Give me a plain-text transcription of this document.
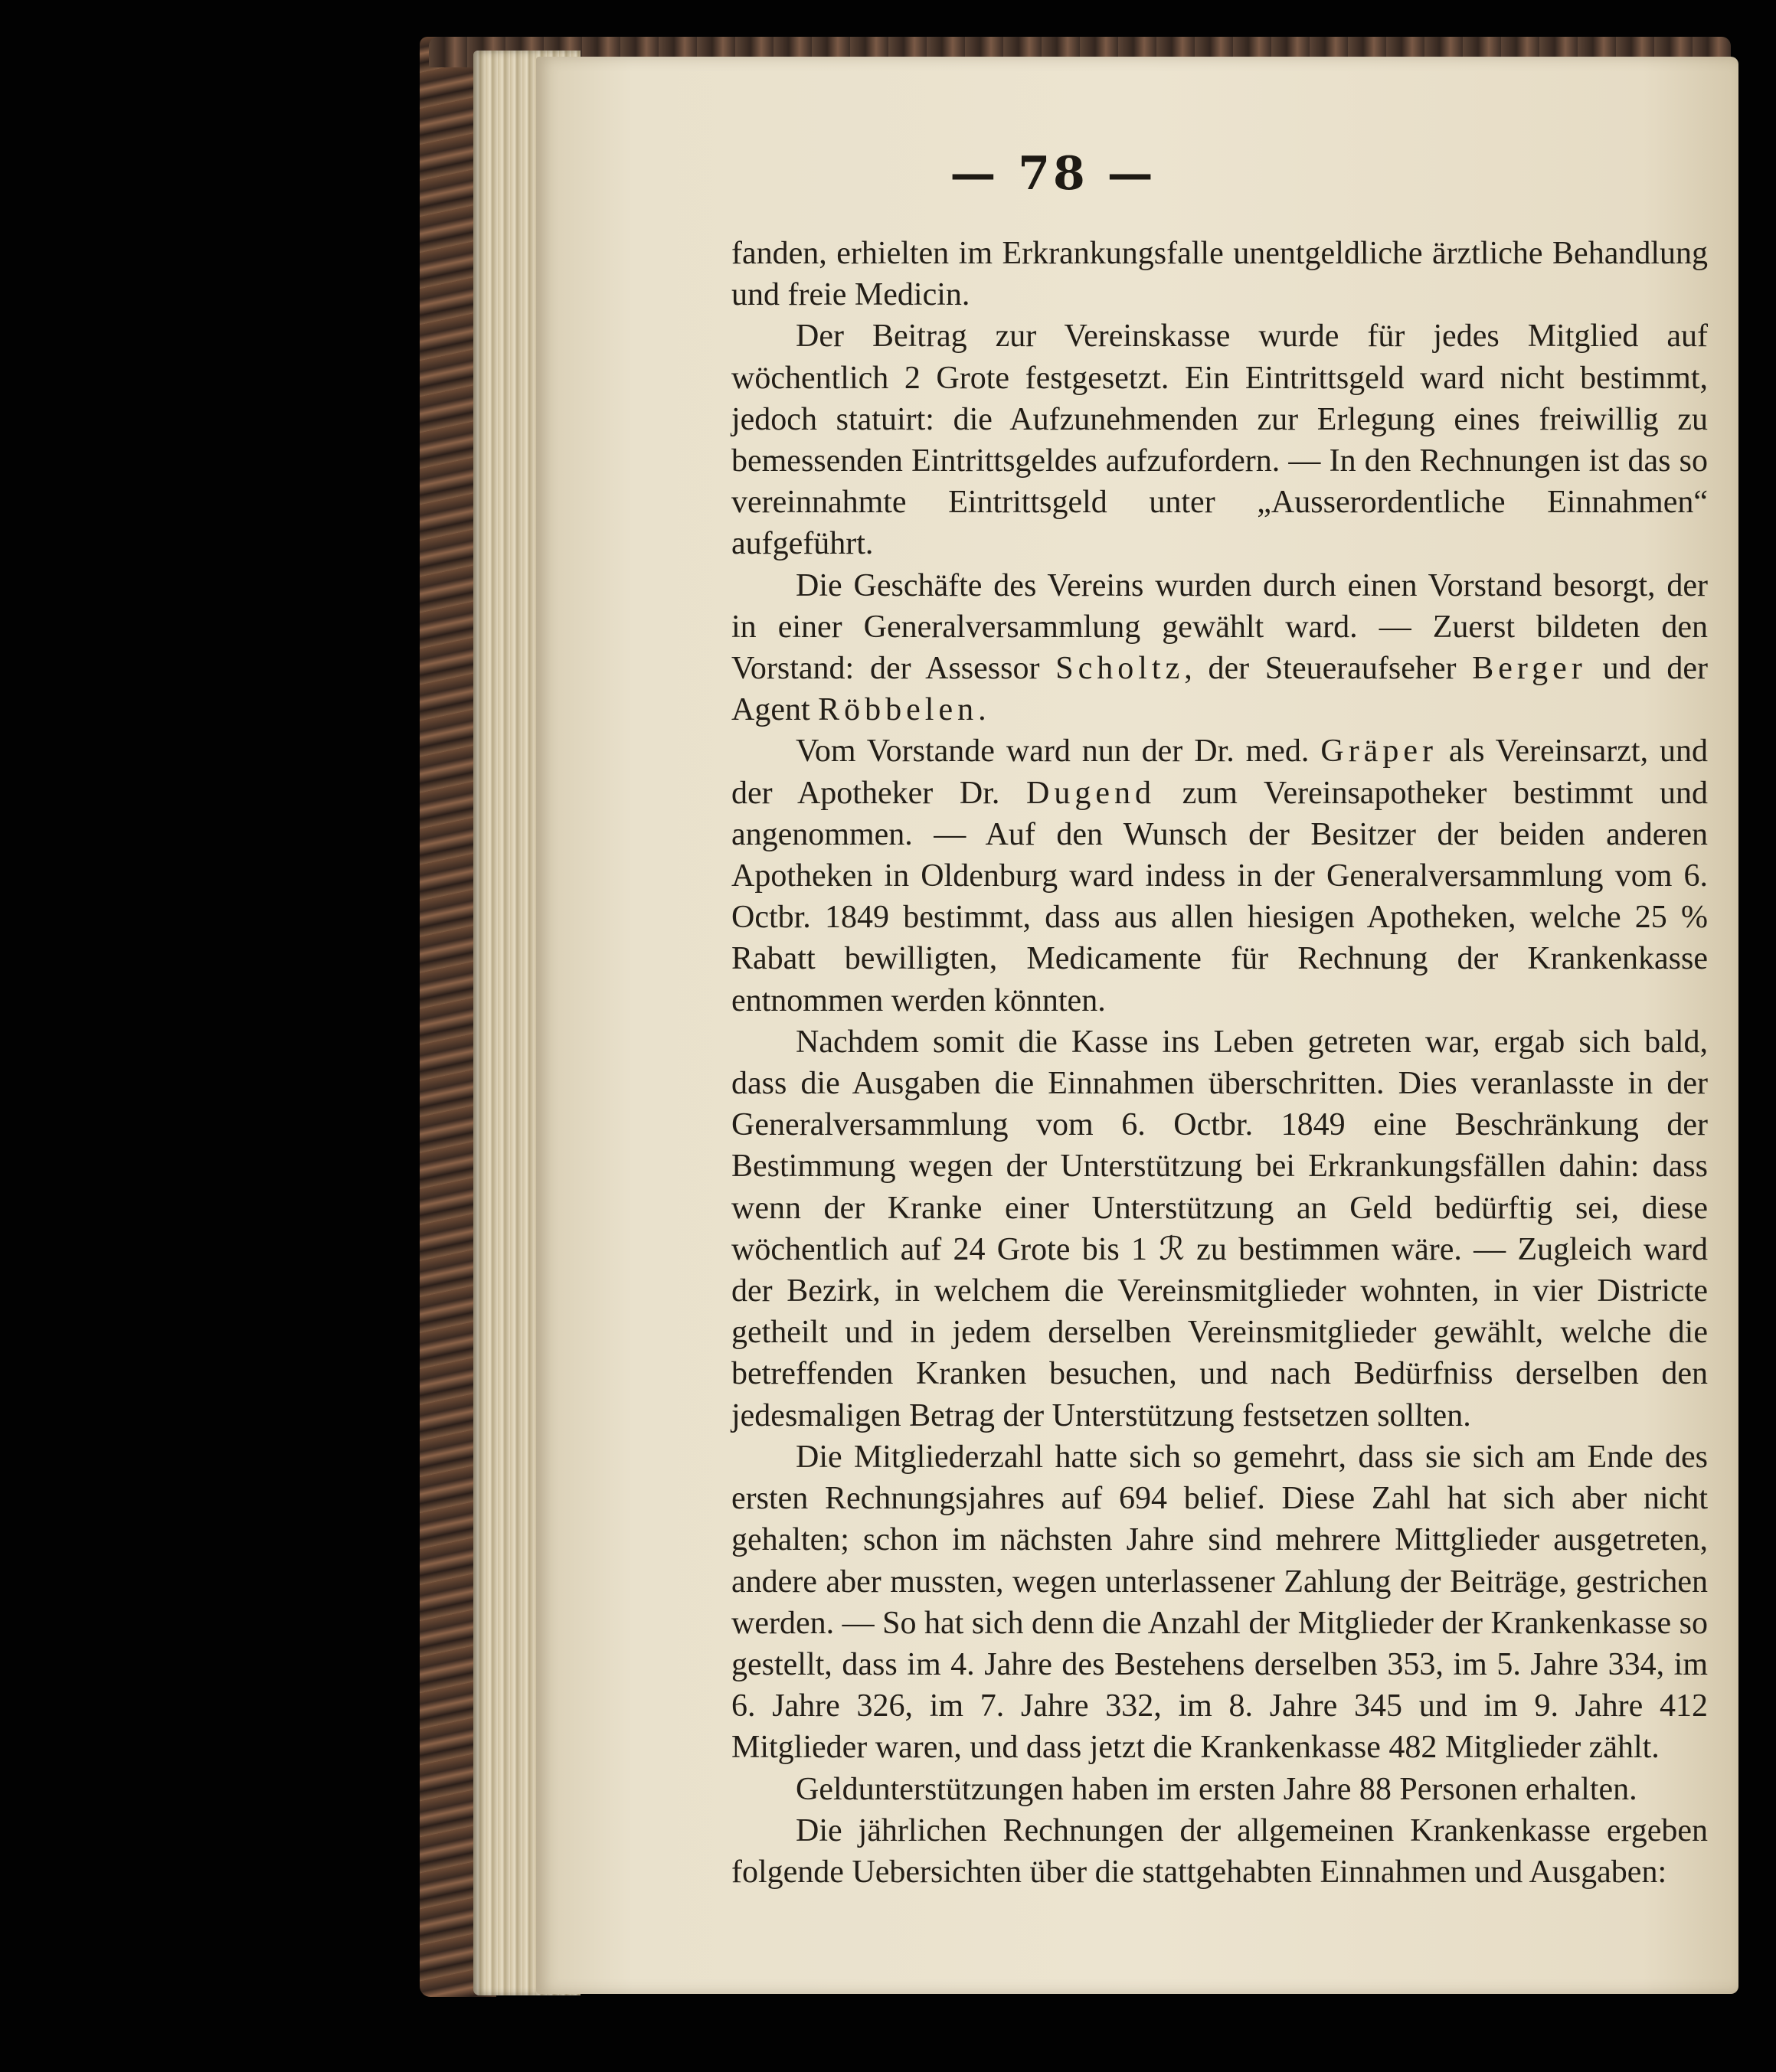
— 78 —

fanden, erhielten im Erkrankungsfalle unentgeldliche ärztliche Behandlung und freie Medicin.

Der Beitrag zur Vereinskasse wurde für jedes Mitglied auf wöchentlich 2 Grote festgesetzt. Ein Eintrittsgeld ward nicht bestimmt, jedoch statuirt: die Aufzunehmenden zur Erlegung eines freiwillig zu bemessenden Eintrittsgeldes aufzufordern. — In den Rechnungen ist das so vereinnahmte Eintrittsgeld unter „Ausserordentliche Einnahmen“ aufgeführt.

Die Geschäfte des Vereins wurden durch einen Vorstand besorgt, der in einer Generalversammlung gewählt ward. — Zuerst bildeten den Vorstand: der Assessor Scholtz, der Steueraufseher Berger und der Agent Röbbelen.

Vom Vorstande ward nun der Dr. med. Gräper als Vereinsarzt, und der Apotheker Dr. Dugend zum Vereinsapotheker bestimmt und angenommen. — Auf den Wunsch der Besitzer der beiden anderen Apotheken in Oldenburg ward indess in der Generalversammlung vom 6. Octbr. 1849 bestimmt, dass aus allen hiesigen Apotheken, welche 25 % Rabatt bewilligten, Medicamente für Rechnung der Krankenkasse entnommen werden könnten.

Nachdem somit die Kasse ins Leben getreten war, ergab sich bald, dass die Ausgaben die Einnahmen überschritten. Dies veranlasste in der Generalversammlung vom 6. Octbr. 1849 eine Beschränkung der Bestimmung wegen der Unterstützung bei Erkrankungsfällen dahin: dass wenn der Kranke einer Unterstützung an Geld bedürftig sei, diese wöchentlich auf 24 Grote bis 1 ℛ zu bestimmen wäre. — Zugleich ward der Bezirk, in welchem die Vereinsmitglieder wohnten, in vier Districte getheilt und in jedem derselben Vereinsmitglieder gewählt, welche die betreffenden Kranken besuchen, und nach Bedürfniss derselben den jedesmaligen Betrag der Unterstützung festsetzen sollten.

Die Mitgliederzahl hatte sich so gemehrt, dass sie sich am Ende des ersten Rechnungsjahres auf 694 belief. Diese Zahl hat sich aber nicht gehalten; schon im nächsten Jahre sind mehrere Mittglieder ausgetreten, andere aber mussten, wegen unterlassener Zahlung der Beiträge, gestrichen werden. — So hat sich denn die Anzahl der Mitglieder der Krankenkasse so gestellt, dass im 4. Jahre des Bestehens derselben 353, im 5. Jahre 334, im 6. Jahre 326, im 7. Jahre 332, im 8. Jahre 345 und im 9. Jahre 412 Mitglieder waren, und dass jetzt die Krankenkasse 482 Mitglieder zählt.

Geldunterstützungen haben im ersten Jahre 88 Personen erhalten.

Die jährlichen Rechnungen der allgemeinen Krankenkasse ergeben folgende Uebersichten über die stattgehabten Einnahmen und Ausgaben:
